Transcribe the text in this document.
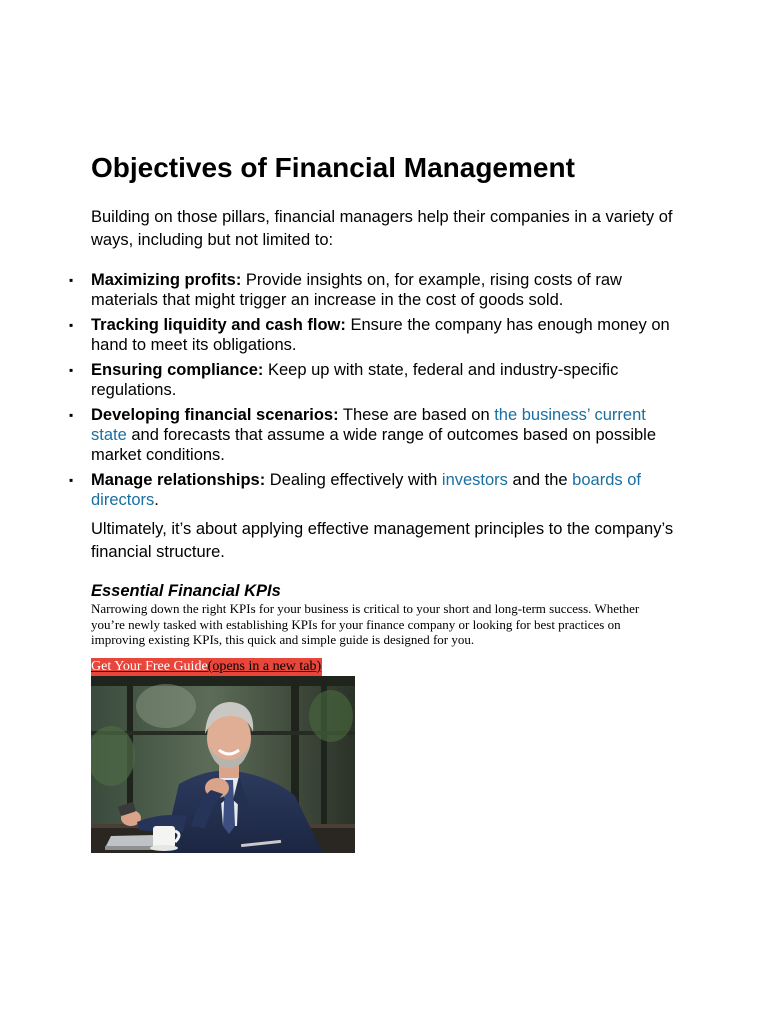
Objectives of Financial Management

Building on those pillars, financial managers help their companies in a variety of ways, including but not limited to:

▪ Maximizing profits: Provide insights on, for example, rising costs of raw materials that might trigger an increase in the cost of goods sold.
▪ Tracking liquidity and cash flow: Ensure the company has enough money on hand to meet its obligations.
▪ Ensuring compliance: Keep up with state, federal and industry-specific regulations.
▪ Developing financial scenarios: These are based on the business’ current state and forecasts that assume a wide range of outcomes based on possible market conditions.
▪ Manage relationships: Dealing effectively with investors and the boards of directors.

Ultimately, it’s about applying effective management principles to the company’s financial structure.

Essential Financial KPIs

Narrowing down the right KPIs for your business is critical to your short and long-term success. Whether you’re newly tasked with establishing KPIs for your finance company or looking for best practices on improving existing KPIs, this quick and simple guide is designed for you.

Get Your Free Guide(opens in a new tab)
